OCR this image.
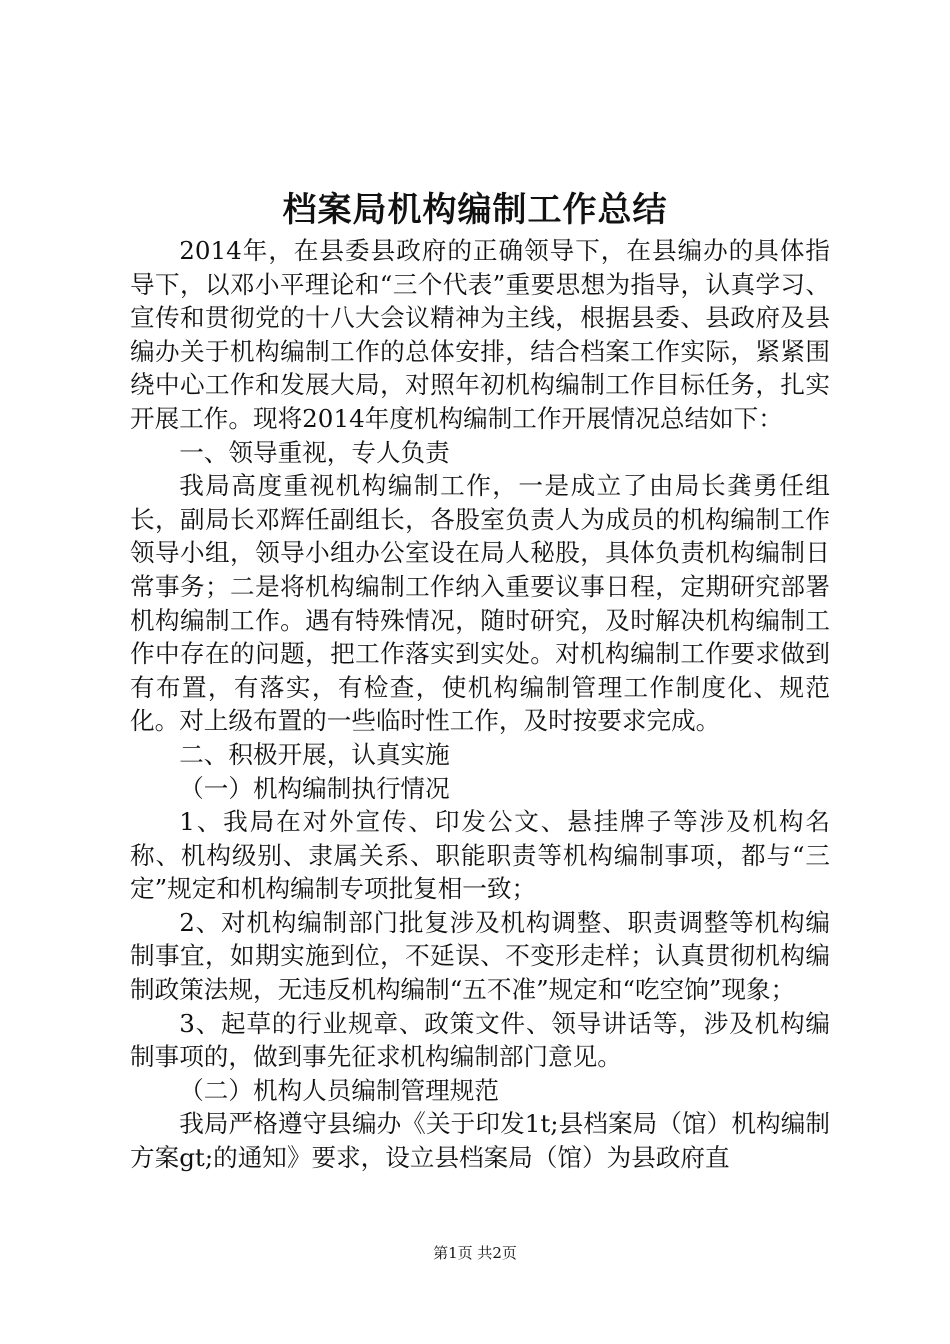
档案局机构编制工作总结

2014年，在县委县政府的正确领导下，在县编办的具体指导下，以邓小平理论和“三个代表”重要思想为指导，认真学习、宣传和贯彻党的十八大会议精神为主线，根据县委、县政府及县编办关于机构编制工作的总体安排，结合档案工作实际，紧紧围绕中心工作和发展大局，对照年初机构编制工作目标任务，扎实开展工作。现将2014年度机构编制工作开展情况总结如下：

一、领导重视，专人负责

我局高度重视机构编制工作，一是成立了由局长龚勇任组长，副局长邓辉任副组长，各股室负责人为成员的机构编制工作领导小组，领导小组办公室设在局人秘股，具体负责机构编制日常事务；二是将机构编制工作纳入重要议事日程，定期研究部署机构编制工作。遇有特殊情况，随时研究，及时解决机构编制工作中存在的问题，把工作落实到实处。对机构编制工作要求做到有布置，有落实，有检查，使机构编制管理工作制度化、规范化。对上级布置的一些临时性工作，及时按要求完成。

二、积极开展，认真实施

（一）机构编制执行情况

1、我局在对外宣传、印发公文、悬挂牌子等涉及机构名称、机构级别、隶属关系、职能职责等机构编制事项，都与“三定”规定和机构编制专项批复相一致；

2、对机构编制部门批复涉及机构调整、职责调整等机构编制事宜，如期实施到位，不延误、不变形走样；认真贯彻机构编制政策法规，无违反机构编制“五不准”规定和“吃空饷”现象；

3、起草的行业规章、政策文件、领导讲话等，涉及机构编制事项的，做到事先征求机构编制部门意见。

（二）机构人员编制管理规范

我局严格遵守县编办《关于印发1t;县档案局（馆）机构编制方案gt;的通知》要求，设立县档案局（馆）为县政府直

第1页 共2页
